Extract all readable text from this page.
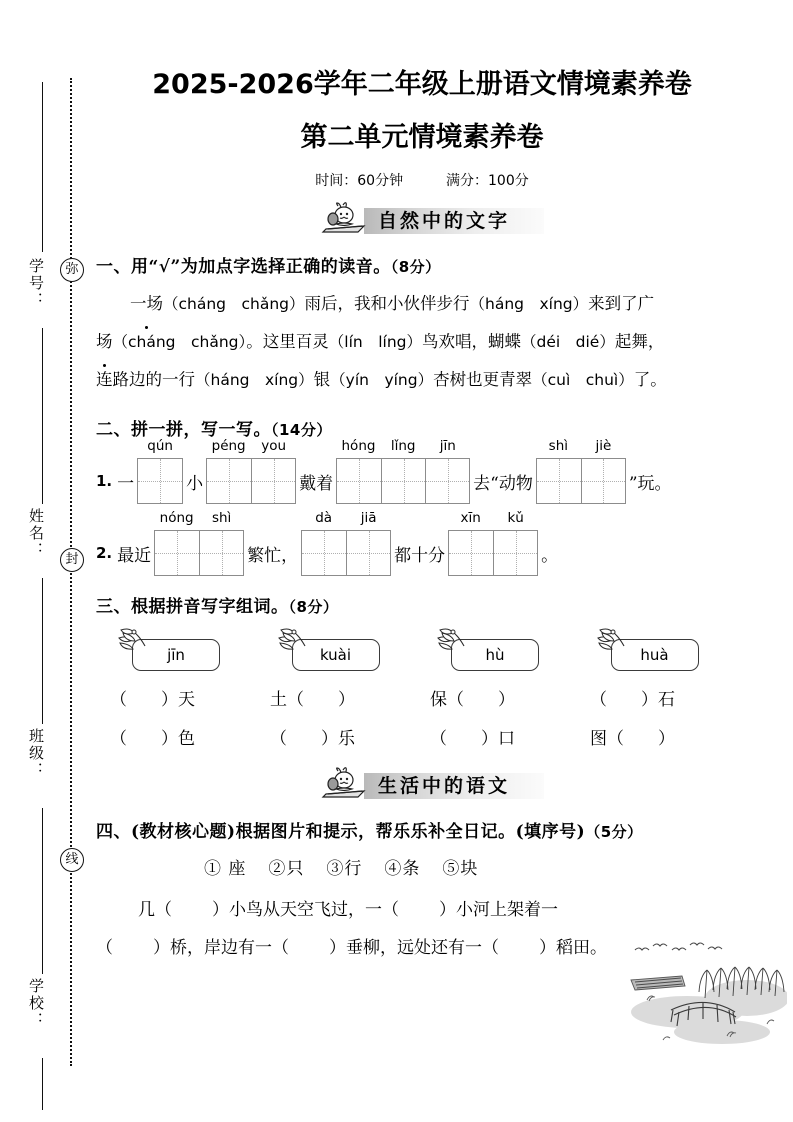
弥
封
线
学号：
姓名：
班级：
学校：
2025-2026学年二年级上册语文情境素养卷
第二单元情境素养卷
时间：60分钟	满分：100分
自然中的文字
一、用“√”为加点字选择正确的读音。（8分）
一场（cháng　chǎng）雨后，我和小伙伴步行（háng　xíng）来到了广
场（cháng　chǎng）。这里百灵（lín　líng）鸟欢唱，蝴蝶（déi　dié）起舞，
连路边的一行（háng　xíng）银（yín　yíng）杏树也更青翠（cuì　chuì）了。
二、拼一拼，写一写。（14分）
1. 一
qún
小
péng	you
戴着
hóng	lǐng	jīn
去“动物
shì	jiè
”玩。
2. 最近
nóng	shì
繁忙，
dà	jiā
都十分
xīn	kǔ
。
三、根据拼音写字组词。（8分）
jīn	kuài	hù	huà
（ ）天	土（ ）	保（ ）	（ ）石
（ ）色	（ ）乐	（ ）口	图（ ）
生活中的语文
四、(教材核心题)根据图片和提示，帮乐乐补全日记。(填序号)（5分）
① 座 ②只 ③行 ④条 ⑤块
几（ ）小鸟从天空飞过，一（ ）小河上架着一
（ ）桥，岸边有一（ ）垂柳，远处还有一（ ）稻田。
